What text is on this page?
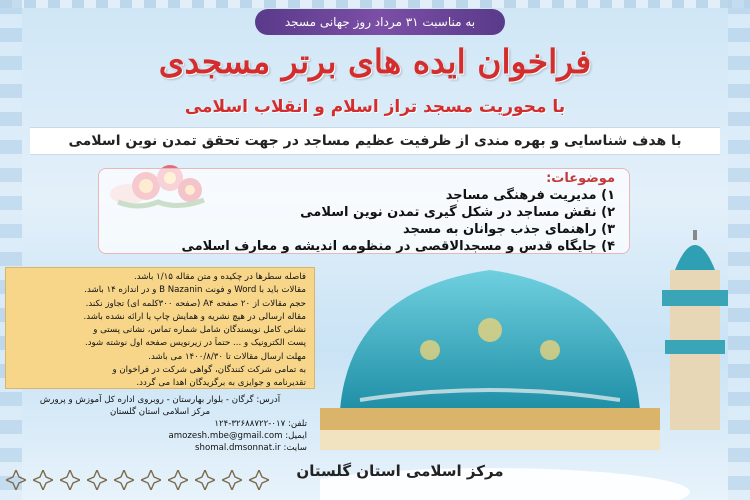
به مناسبت ۳۱ مرداد روز جهانی مسجد
فراخوان ایده های برتر مسجدی
با محوریت مسجد تراز اسلام و انقلاب اسلامی
با هدف شناسایی و بهره مندی از ظرفیت عظیم مساجد در جهت تحقق تمدن نوین اسلامی
موضوعات:
۱) مدیریت فرهنگی مساجد
۲) نقش مساجد در شکل گیری تمدن نوین اسلامی
۳) راهنمای جذب جوانان به مسجد
۴) جایگاه قدس و مسجدالاقصی در منظومه اندیشه و معارف اسلامی
فاصله سطرها در چکیده و متن مقاله ۱/۱۵ باشد.
مقالات باید با Word و فونت B Nazanin و در اندازه ۱۴ باشد.
حجم مقالات از ۲۰ صفحه A۴ (صفحه ۳۰۰کلمه ای) تجاوز نکند.
مقاله ارسالی در هیچ نشریه و همایش چاپ یا ارائه نشده باشد.
نشانی کامل نویسندگان شامل شماره تماس، نشانی پستی و
پست الکترونیک و ... حتماً در زیرنویس صفحه اول نوشته شود.
مهلت ارسال مقالات تا ۱۴۰۰/۸/۳۰ می باشد.
به تمامی شرکت کنندگان، گواهی شرکت در فراخوان و
تقدیرنامه و جوایزی به برگزیدگان اهدا می گردد.
آدرس: گرگان - بلوار بهارستان - روبروی اداره کل آموزش و پرورش
مرکز اسلامی استان گلستان
تلفن: ۰۱۷-۳۲۶۸۸۷۲۲-۱۲۴
ایمیل: amozesh.mbe@gmail.com
سایت: shomal.dmsonnat.ir
مرکز اسلامی استان گلستان
